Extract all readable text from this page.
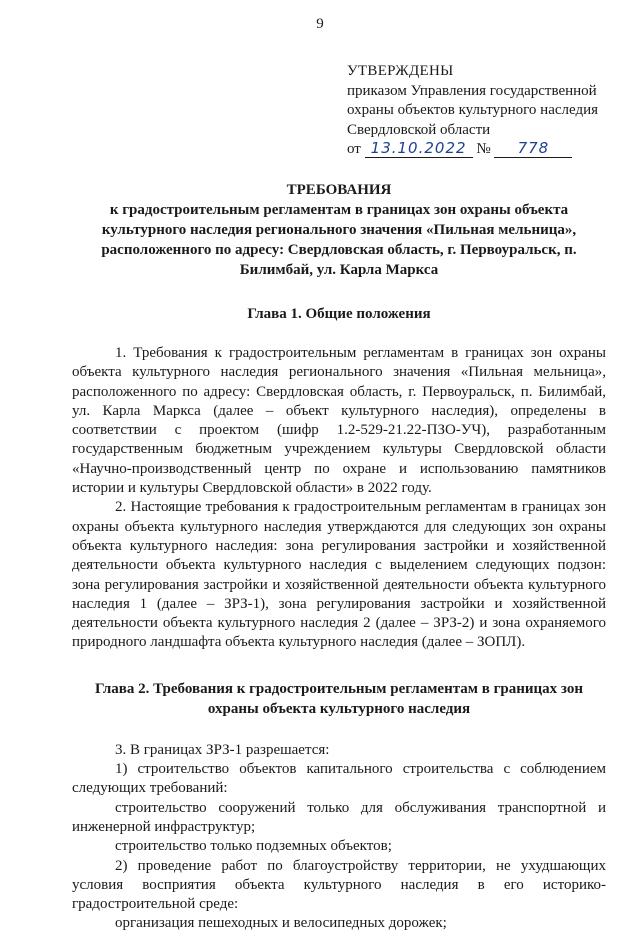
9
УТВЕРЖДЕНЫ
приказом Управления государственной
охраны объектов культурного наследия
Свердловской области
от 13.10.2022 № 778

ТРЕБОВАНИЯ

к градостроительным регламентам в границах зон охраны объекта культурного наследия регионального значения «Пильная мельница», расположенного по адресу: Свердловская область, г. Первоуральск, п. Билимбай, ул. Карла Маркса

Глава 1. Общие положения

1. Требования к градостроительным регламентам в границах зон охраны объекта культурного наследия регионального значения «Пильная мельница», расположенного по адресу: Свердловская область, г. Первоуральск, п. Билимбай, ул. Карла Маркса (далее – объект культурного наследия), определены в соответствии с проектом (шифр 1.2-529-21.22-ПЗО-УЧ), разработанным государственным бюджетным учреждением культуры Свердловской области «Научно-производственный центр по охране и использованию памятников истории и культуры Свердловской области» в 2022 году.

2. Настоящие требования к градостроительным регламентам в границах зон охраны объекта культурного наследия утверждаются для следующих зон охраны объекта культурного наследия: зона регулирования застройки и хозяйственной деятельности объекта культурного наследия с выделением следующих подзон: зона регулирования застройки и хозяйственной деятельности объекта культурного наследия 1 (далее – ЗРЗ-1), зона регулирования застройки и хозяйственной деятельности объекта культурного наследия 2 (далее – ЗРЗ-2) и зона охраняемого природного ландшафта объекта культурного наследия (далее – ЗОПЛ).

Глава 2. Требования к градостроительным регламентам в границах зон охраны объекта культурного наследия

3. В границах ЗРЗ-1 разрешается:

1) строительство объектов капитального строительства с соблюдением следующих требований:

строительство сооружений только для обслуживания транспортной и инженерной инфраструктур;

строительство только подземных объектов;

2) проведение работ по благоустройству территории, не ухудшающих условия восприятия объекта культурного наследия в его историко-градостроительной среде:

организация пешеходных и велосипедных дорожек;
